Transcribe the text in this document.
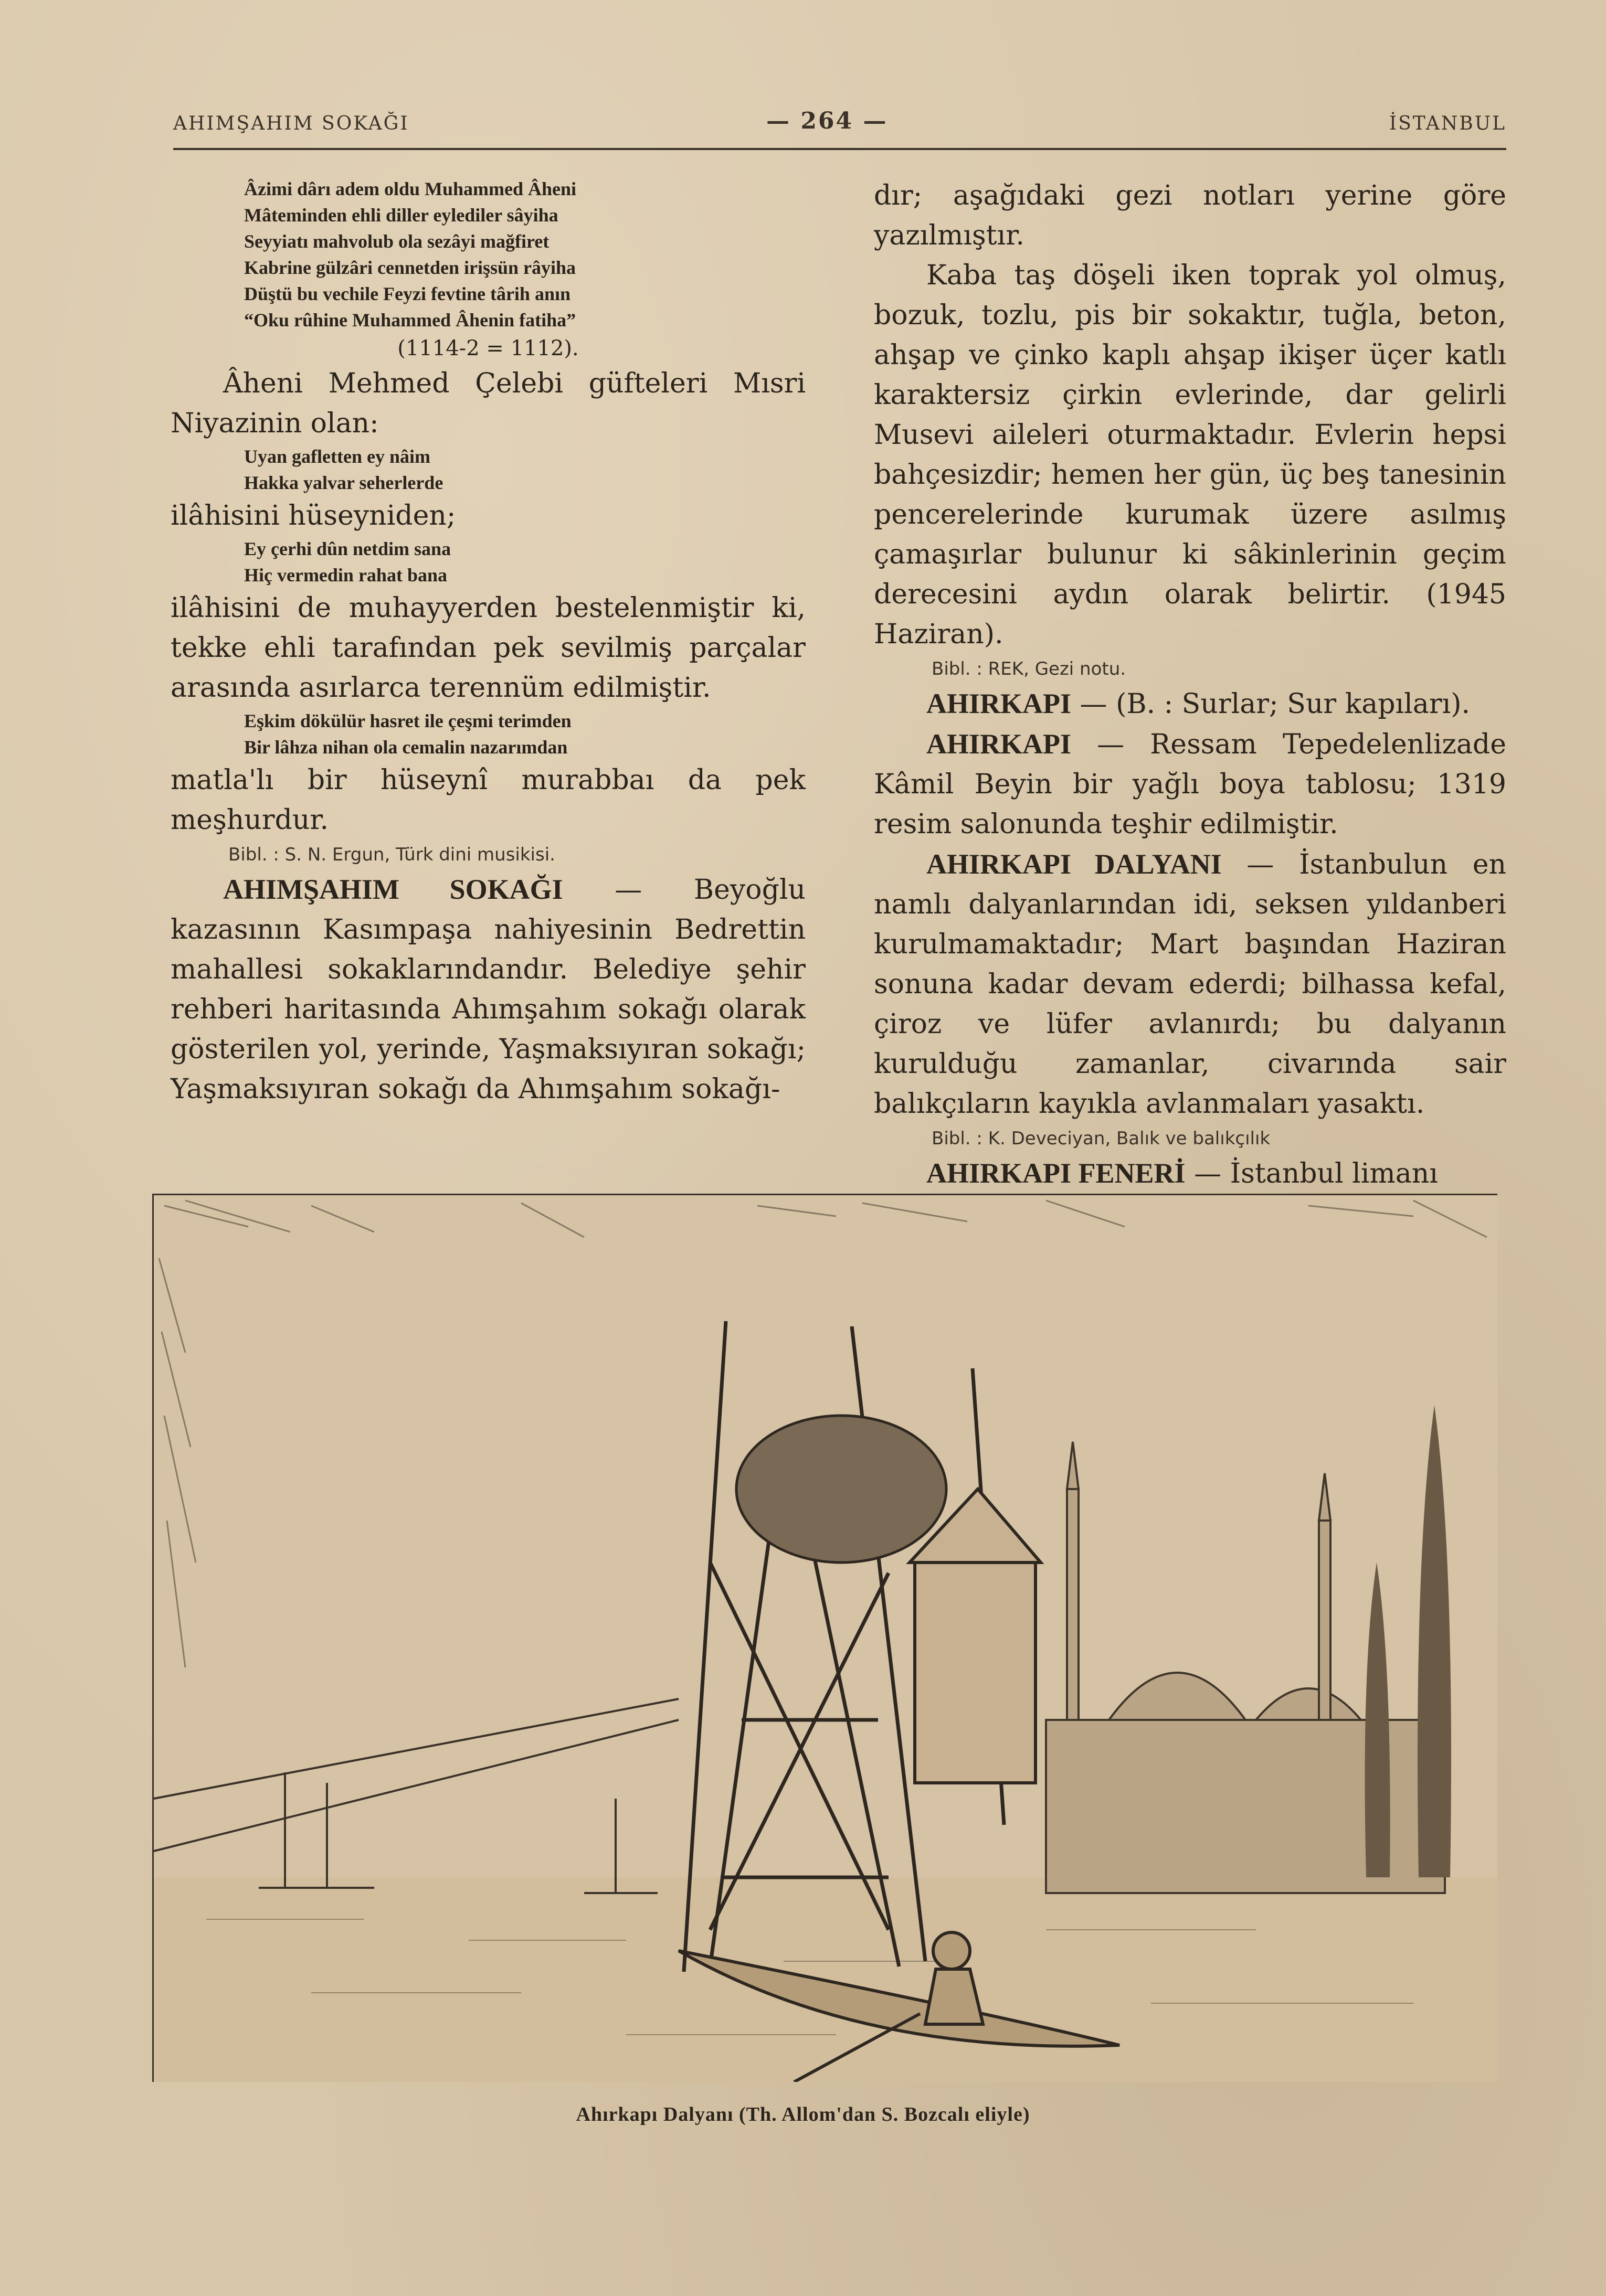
AHIMŞAHIM SOKAĞI	— 264 —	İSTANBUL

Âzimi dârı adem oldu Muhammed Âheni

Mâteminden ehli diller eylediler sâyiha

Seyyiatı mahvolub ola sezâyi mağfiret

Kabrine gülzâri cennetden irişsün râyiha

Düştü bu vechile Feyzi fevtine târih anın

“Oku rûhine Muhammed Âhenin fatiha”

(1114-2 = 1112).

Âheni Mehmed Çelebi güfteleri Mısri Niyazinin olan:

Uyan gafletten ey nâim

Hakka yalvar seherlerde

ilâhisini hüseyniden;

Ey çerhi dûn netdim sana

Hiç vermedin rahat bana

ilâhisini de muhayyerden bestelenmiştir ki, tekke ehli tarafından pek sevilmiş parçalar arasında asırlarca terennüm edilmiştir.

Eşkim dökülür hasret ile çeşmi terimden

Bir lâhza nihan ola cemalin nazarımdan

matla'lı bir hüseynî murabbaı da pek meşhurdur.

Bibl. : S. N. Ergun, Türk dini musikisi.

AHIMŞAHIM SOKAĞI — Beyoğlu kazasının Kasımpaşa nahiyesinin Bedrettin mahallesi sokaklarındandır. Belediye şehir rehberi haritasında Ahımşahım sokağı olarak gösterilen yol, yerinde, Yaşmaksıyıran sokağı; Yaşmaksıyıran sokağı da Ahımşahım sokağı-

dır; aşağıdaki gezi notları yerine göre yazılmıştır.

Kaba taş döşeli iken toprak yol olmuş, bozuk, tozlu, pis bir sokaktır, tuğla, beton, ahşap ve çinko kaplı ahşap ikişer üçer katlı karaktersiz çirkin evlerinde, dar gelirli Musevi aileleri oturmaktadır. Evlerin hepsi bahçesizdir; hemen her gün, üç beş tanesinin pencerelerinde kurumak üzere asılmış çamaşırlar bulunur ki sâkinlerinin geçim derecesini aydın olarak belirtir. (1945 Haziran).

Bibl. : REK, Gezi notu.

AHIRKAPI — (B. : Surlar; Sur kapıları).

AHIRKAPI — Ressam Tepedelenlizade Kâmil Beyin bir yağlı boya tablosu; 1319 resim salonunda teşhir edilmiştir.

AHIRKAPI DALYANI — İstanbulun en namlı dalyanlarından idi, seksen yıldanberi kurulmamaktadır; Mart başından Haziran sonuna kadar devam ederdi; bilhassa kefal, çiroz ve lüfer avlanırdı; bu dalyanın kurulduğu zamanlar, civarında sair balıkçıların kayıkla avlanmaları yasaktı.

Bibl. : K. Deveciyan, Balık ve balıkçılık

AHIRKAPI FENERİ — İstanbul limanı

Ahırkapı Dalyanı (Th. Allom'dan S. Bozcalı eliyle)
